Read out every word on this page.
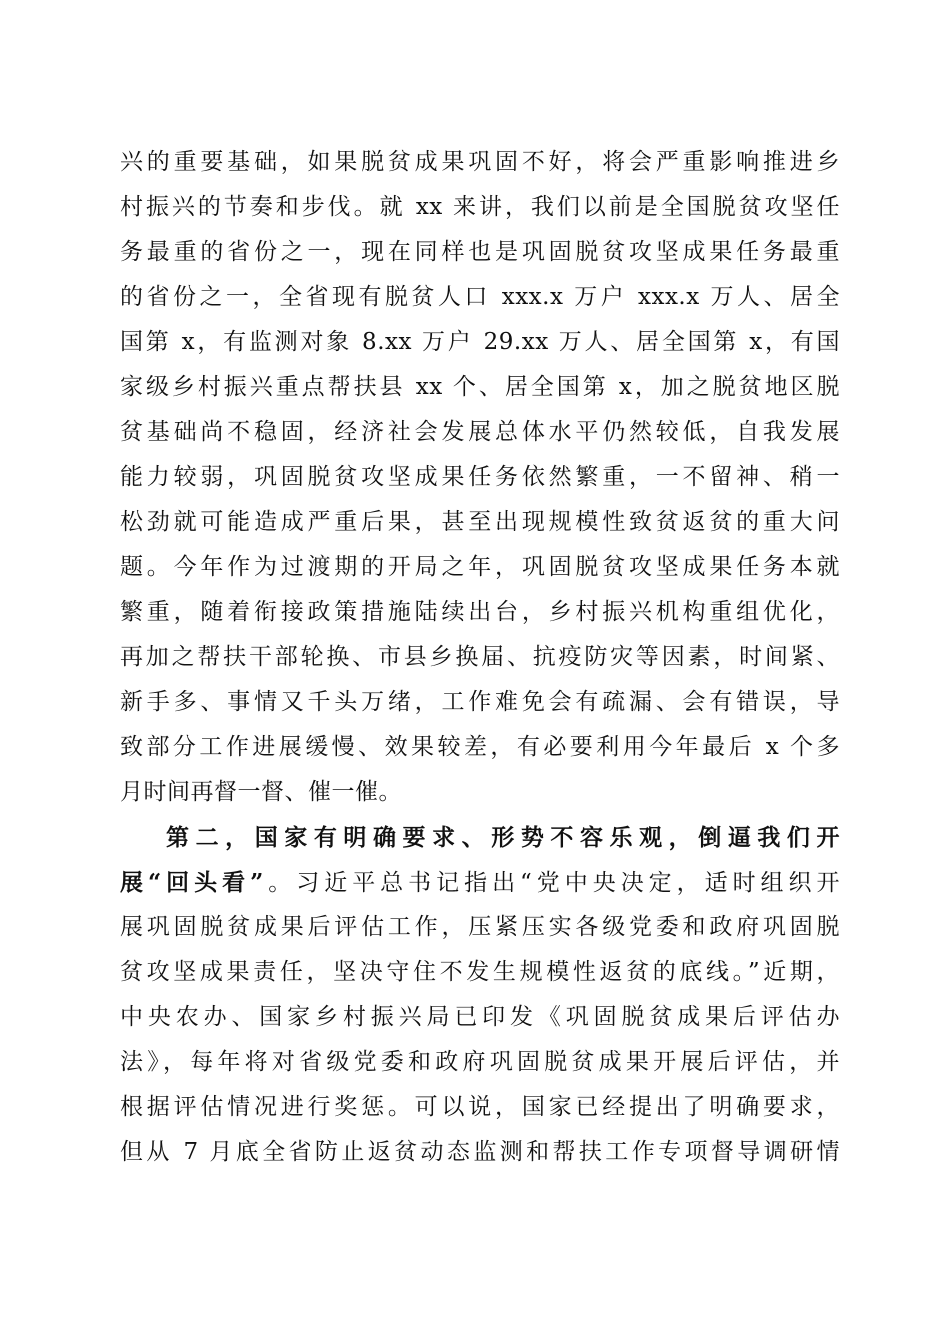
兴的重要基础，如果脱贫成果巩固不好，将会严重影响推进乡
村振兴的节奏和步伐。就 xx 来讲，我们以前是全国脱贫攻坚任
务最重的省份之一，现在同样也是巩固脱贫攻坚成果任务最重
的省份之一，全省现有脱贫人口 xxx.x 万户 xxx.x 万人、居全
国第 x，有监测对象 8.xx 万户 29.xx 万人、居全国第 x，有国
家级乡村振兴重点帮扶县 xx 个、居全国第 x，加之脱贫地区脱
贫基础尚不稳固，经济社会发展总体水平仍然较低，自我发展
能力较弱，巩固脱贫攻坚成果任务依然繁重，一不留神、稍一
松劲就可能造成严重后果，甚至出现规模性致贫返贫的重大问
题。今年作为过渡期的开局之年，巩固脱贫攻坚成果任务本就
繁重，随着衔接政策措施陆续出台，乡村振兴机构重组优化，
再加之帮扶干部轮换、市县乡换届、抗疫防灾等因素，时间紧、
新手多、事情又千头万绪，工作难免会有疏漏、会有错误，导
致部分工作进展缓慢、效果较差，有必要利用今年最后 x 个多
月时间再督一督、催一催。
第二，国家有明确要求、形势不容乐观，倒逼我们开
展“回头看”。习近平总书记指出“党中央决定，适时组织开
展巩固脱贫成果后评估工作，压紧压实各级党委和政府巩固脱
贫攻坚成果责任，坚决守住不发生规模性返贫的底线。”近期，
中央农办、国家乡村振兴局已印发《巩固脱贫成果后评估办
法》，每年将对省级党委和政府巩固脱贫成果开展后评估，并
根据评估情况进行奖惩。可以说，国家已经提出了明确要求，
但从 7 月底全省防止返贫动态监测和帮扶工作专项督导调研情
